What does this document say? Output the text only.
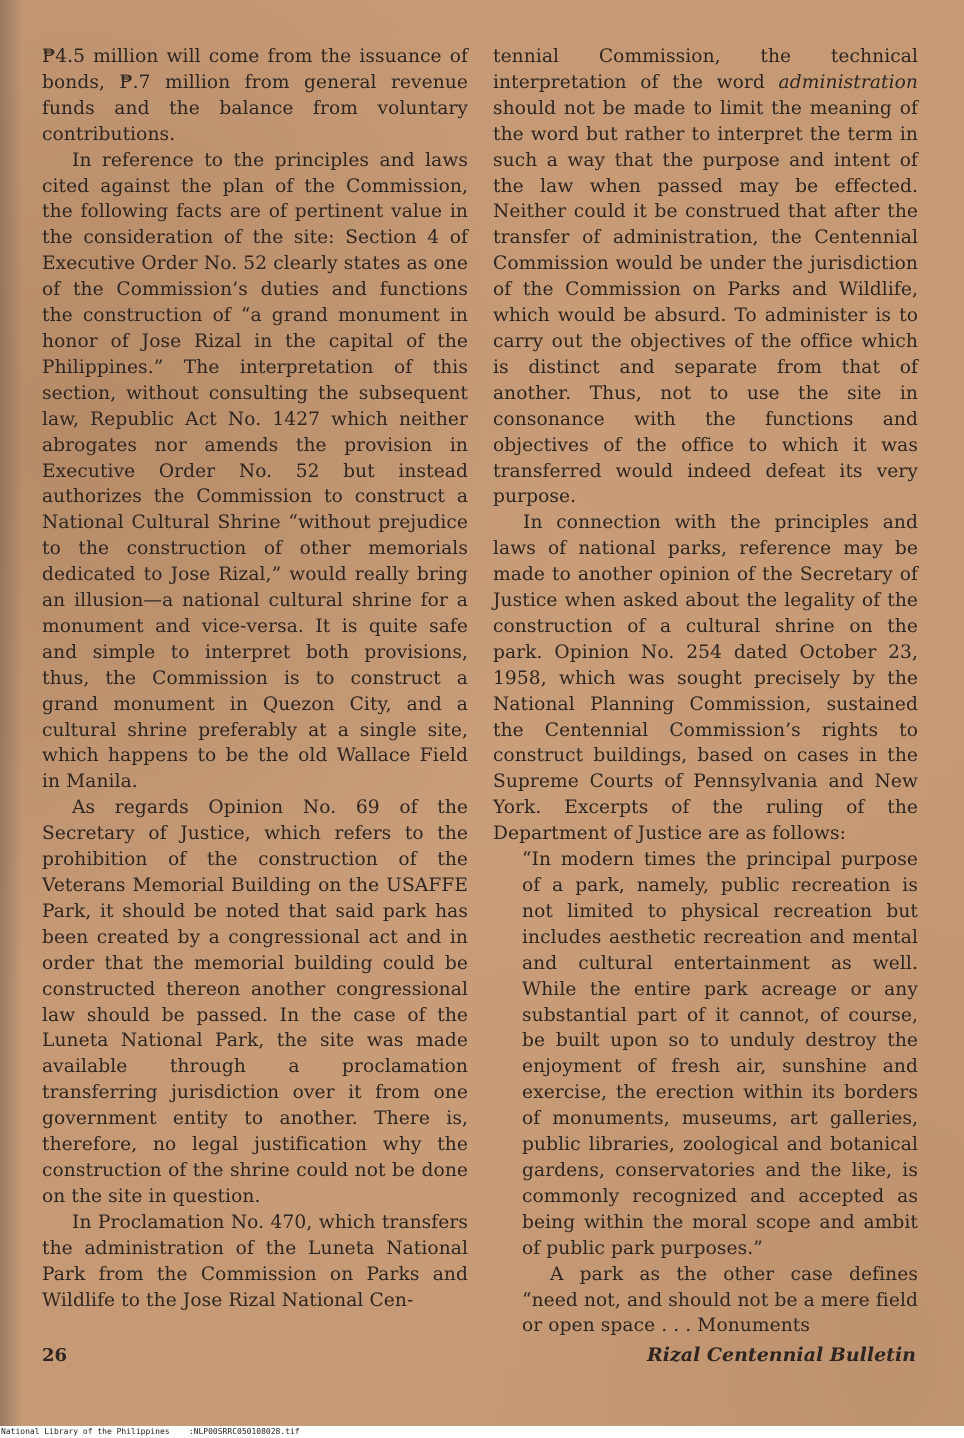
₱4.5 million will come from the issuance of bonds, ₱.7 million from general revenue funds and the balance from voluntary contributions.

In reference to the principles and laws cited against the plan of the Commission, the following facts are of pertinent value in the consideration of the site: Section 4 of Executive Order No. 52 clearly states as one of the Commission’s duties and functions the construction of “a grand monument in honor of Jose Rizal in the capital of the Philippines.” The interpretation of this section, without consulting the subsequent law, Republic Act No. 1427 which neither abrogates nor amends the provision in Executive Order No. 52 but instead authorizes the Commission to construct a National Cultural Shrine “without prejudice to the construction of other memorials dedicated to Jose Rizal,” would really bring an illusion—a national cultural shrine for a monument and vice-versa. It is quite safe and simple to interpret both provisions, thus, the Commission is to construct a grand monument in Quezon City, and a cultural shrine preferably at a single site, which happens to be the old Wallace Field in Manila.

As regards Opinion No. 69 of the Secretary of Justice, which refers to the prohibition of the construction of the Veterans Memorial Building on the USAFFE Park, it should be noted that said park has been created by a congressional act and in order that the memorial building could be constructed thereon another congressional law should be passed. In the case of the Luneta National Park, the site was made available through a proclamation transferring jurisdiction over it from one government entity to another. There is, therefore, no legal justification why the construction of the shrine could not be done on the site in question.

In Proclamation No. 470, which transfers the administration of the Luneta National Park from the Commission on Parks and Wildlife to the Jose Rizal National Cen-

tennial Commission, the technical interpretation of the word administration should not be made to limit the meaning of the word but rather to interpret the term in such a way that the purpose and intent of the law when passed may be effected. Neither could it be construed that after the transfer of administration, the Centennial Commission would be under the jurisdiction of the Commission on Parks and Wildlife, which would be absurd. To administer is to carry out the objectives of the office which is distinct and separate from that of another. Thus, not to use the site in consonance with the functions and objectives of the office to which it was transferred would indeed defeat its very purpose.

In connection with the principles and laws of national parks, reference may be made to another opinion of the Secretary of Justice when asked about the legality of the construction of a cultural shrine on the park. Opinion No. 254 dated October 23, 1958, which was sought precisely by the National Planning Commission, sustained the Centennial Commission’s rights to construct buildings, based on cases in the Supreme Courts of Pennsylvania and New York. Excerpts of the ruling of the Department of Justice are as follows:

“In modern times the principal purpose of a park, namely, public recreation is not limited to physical recreation but includes aesthetic recreation and mental and cultural entertainment as well. While the entire park acreage or any substantial part of it cannot, of course, be built upon so to unduly destroy the enjoyment of fresh air, sunshine and exercise, the erection within its borders of monuments, museums, art galleries, public libraries, zoological and botanical gardens, conservatories and the like, is commonly recognized and accepted as being within the moral scope and ambit of public park purposes.”

A park as the other case defines “need not, and should not be a mere field or open space . . . Monuments

26	Rizal Centennial Bulletin
National Library of the Philippines    :NLP00SRRC050108028.tif
